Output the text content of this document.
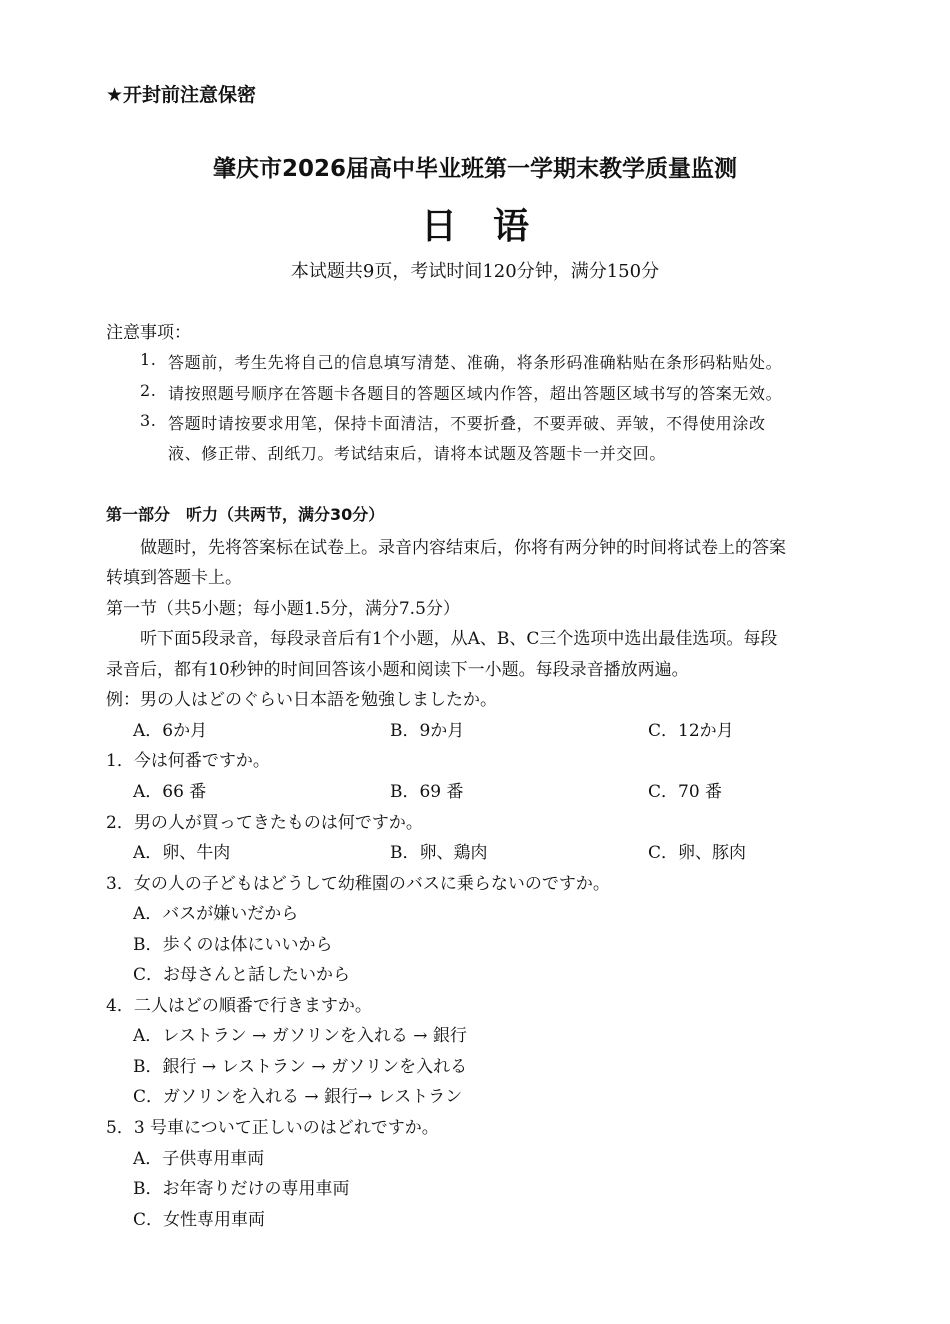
★开封前注意保密
肇庆市2026届高中毕业班第一学期末教学质量监测
日语
本试题共9页，考试时间120分钟，满分150分
注意事项：
1. 答题前，考生先将自己的信息填写清楚、准确，将条形码准确粘贴在条形码粘贴处。
2. 请按照题号顺序在答题卡各题目的答题区域内作答，超出答题区域书写的答案无效。
3. 答题时请按要求用笔，保持卡面清洁，不要折叠，不要弄破、弄皱，不得使用涂改
液、修正带、刮纸刀。考试结束后，请将本试题及答题卡一并交回。
第一部分　听力（共两节，满分30分）
做题时，先将答案标在试卷上。录音内容结束后，你将有两分钟的时间将试卷上的答案
转填到答题卡上。
第一节（共5小题；每小题1.5分，满分7.5分）
听下面5段录音，每段录音后有1个小题，从A、B、C三个选项中选出最佳选项。每段
录音后，都有10秒钟的时间回答该小题和阅读下一小题。每段录音播放两遍。
例：男の人はどのぐらい日本語を勉強しましたか。
A．6か月	B．9か月	C．12か月
1．今は何番ですか。
A．66 番	B．69 番	C．70 番
2．男の人が買ってきたものは何ですか。
A．卵、牛肉	B．卵、鶏肉	C．卵、豚肉
3．女の人の子どもはどうして幼稚園のバスに乗らないのですか。
A．バスが嫌いだから
B．歩くのは体にいいから
C．お母さんと話したいから
4．二人はどの順番で行きますか。
A．レストラン → ガソリンを入れる → 銀行
B．銀行 → レストラン → ガソリンを入れる
C．ガソリンを入れる → 銀行→ レストラン
5．3 号車について正しいのはどれですか。
A．子供専用車両
B．お年寄りだけの専用車両
C．女性専用車両
